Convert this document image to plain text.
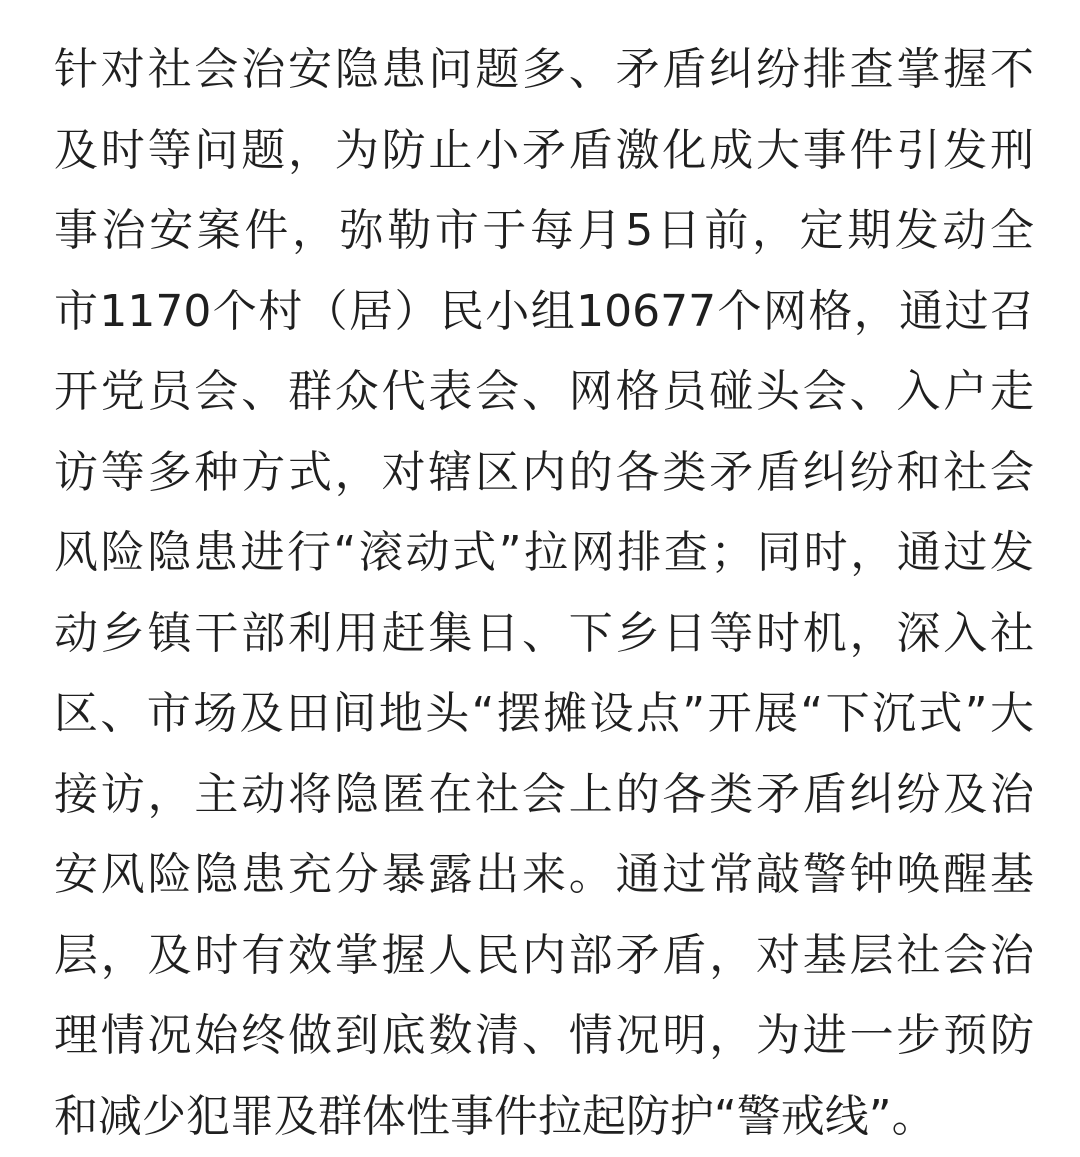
针对社会治安隐患问题多、矛盾纠纷排查掌握不
及时等问题，为防止小矛盾激化成大事件引发刑
事治安案件，弥勒市于每月5日前，定期发动全
市1170个村（居）民小组10677个网格，通过召
开党员会、群众代表会、网格员碰头会、入户走
访等多种方式，对辖区内的各类矛盾纠纷和社会
风险隐患进行“滚动式”拉网排查；同时，通过发
动乡镇干部利用赶集日、下乡日等时机，深入社
区、市场及田间地头“摆摊设点”开展“下沉式”大
接访，主动将隐匿在社会上的各类矛盾纠纷及治
安风险隐患充分暴露出来。通过常敲警钟唤醒基
层，及时有效掌握人民内部矛盾，对基层社会治
理情况始终做到底数清、情况明，为进一步预防
和减少犯罪及群体性事件拉起防护“警戒线”。
